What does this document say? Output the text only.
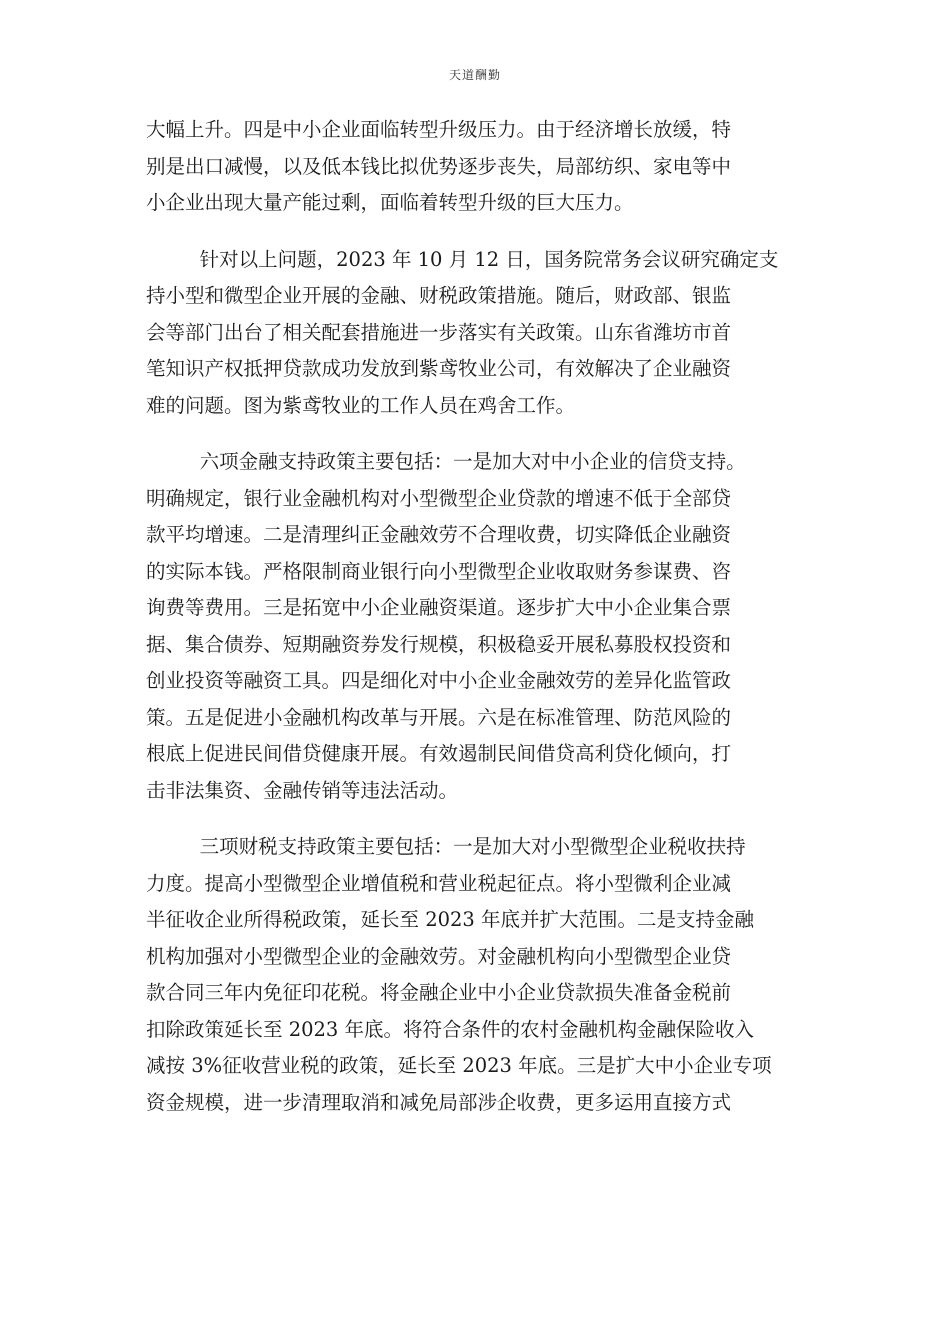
天道酬勤

大幅上升。四是中小企业面临转型升级压力。由于经济增长放缓，特
别是出口减慢，以及低本钱比拟优势逐步丧失，局部纺织、家电等中
小企业出现大量产能过剩，面临着转型升级的巨大压力。

针对以上问题，2023 年 10 月 12 日，国务院常务会议研究确定支
持小型和微型企业开展的金融、财税政策措施。随后，财政部、银监
会等部门出台了相关配套措施进一步落实有关政策。山东省潍坊市首
笔知识产权抵押贷款成功发放到紫鸢牧业公司，有效解决了企业融资
难的问题。图为紫鸢牧业的工作人员在鸡舍工作。

六项金融支持政策主要包括：一是加大对中小企业的信贷支持。
明确规定，银行业金融机构对小型微型企业贷款的增速不低于全部贷
款平均增速。二是清理纠正金融效劳不合理收费，切实降低企业融资
的实际本钱。严格限制商业银行向小型微型企业收取财务参谋费、咨
询费等费用。三是拓宽中小企业融资渠道。逐步扩大中小企业集合票
据、集合债券、短期融资券发行规模，积极稳妥开展私募股权投资和
创业投资等融资工具。四是细化对中小企业金融效劳的差异化监管政
策。五是促进小金融机构改革与开展。六是在标准管理、防范风险的
根底上促进民间借贷健康开展。有效遏制民间借贷高利贷化倾向，打
击非法集资、金融传销等违法活动。

三项财税支持政策主要包括：一是加大对小型微型企业税收扶持
力度。提高小型微型企业增值税和营业税起征点。将小型微利企业减
半征收企业所得税政策，延长至 2023 年底并扩大范围。二是支持金融
机构加强对小型微型企业的金融效劳。对金融机构向小型微型企业贷
款合同三年内免征印花税。将金融企业中小企业贷款损失准备金税前
扣除政策延长至 2023 年底。将符合条件的农村金融机构金融保险收入
减按 3%征收营业税的政策，延长至 2023 年底。三是扩大中小企业专项
资金规模，进一步清理取消和减免局部涉企收费，更多运用直接方式
